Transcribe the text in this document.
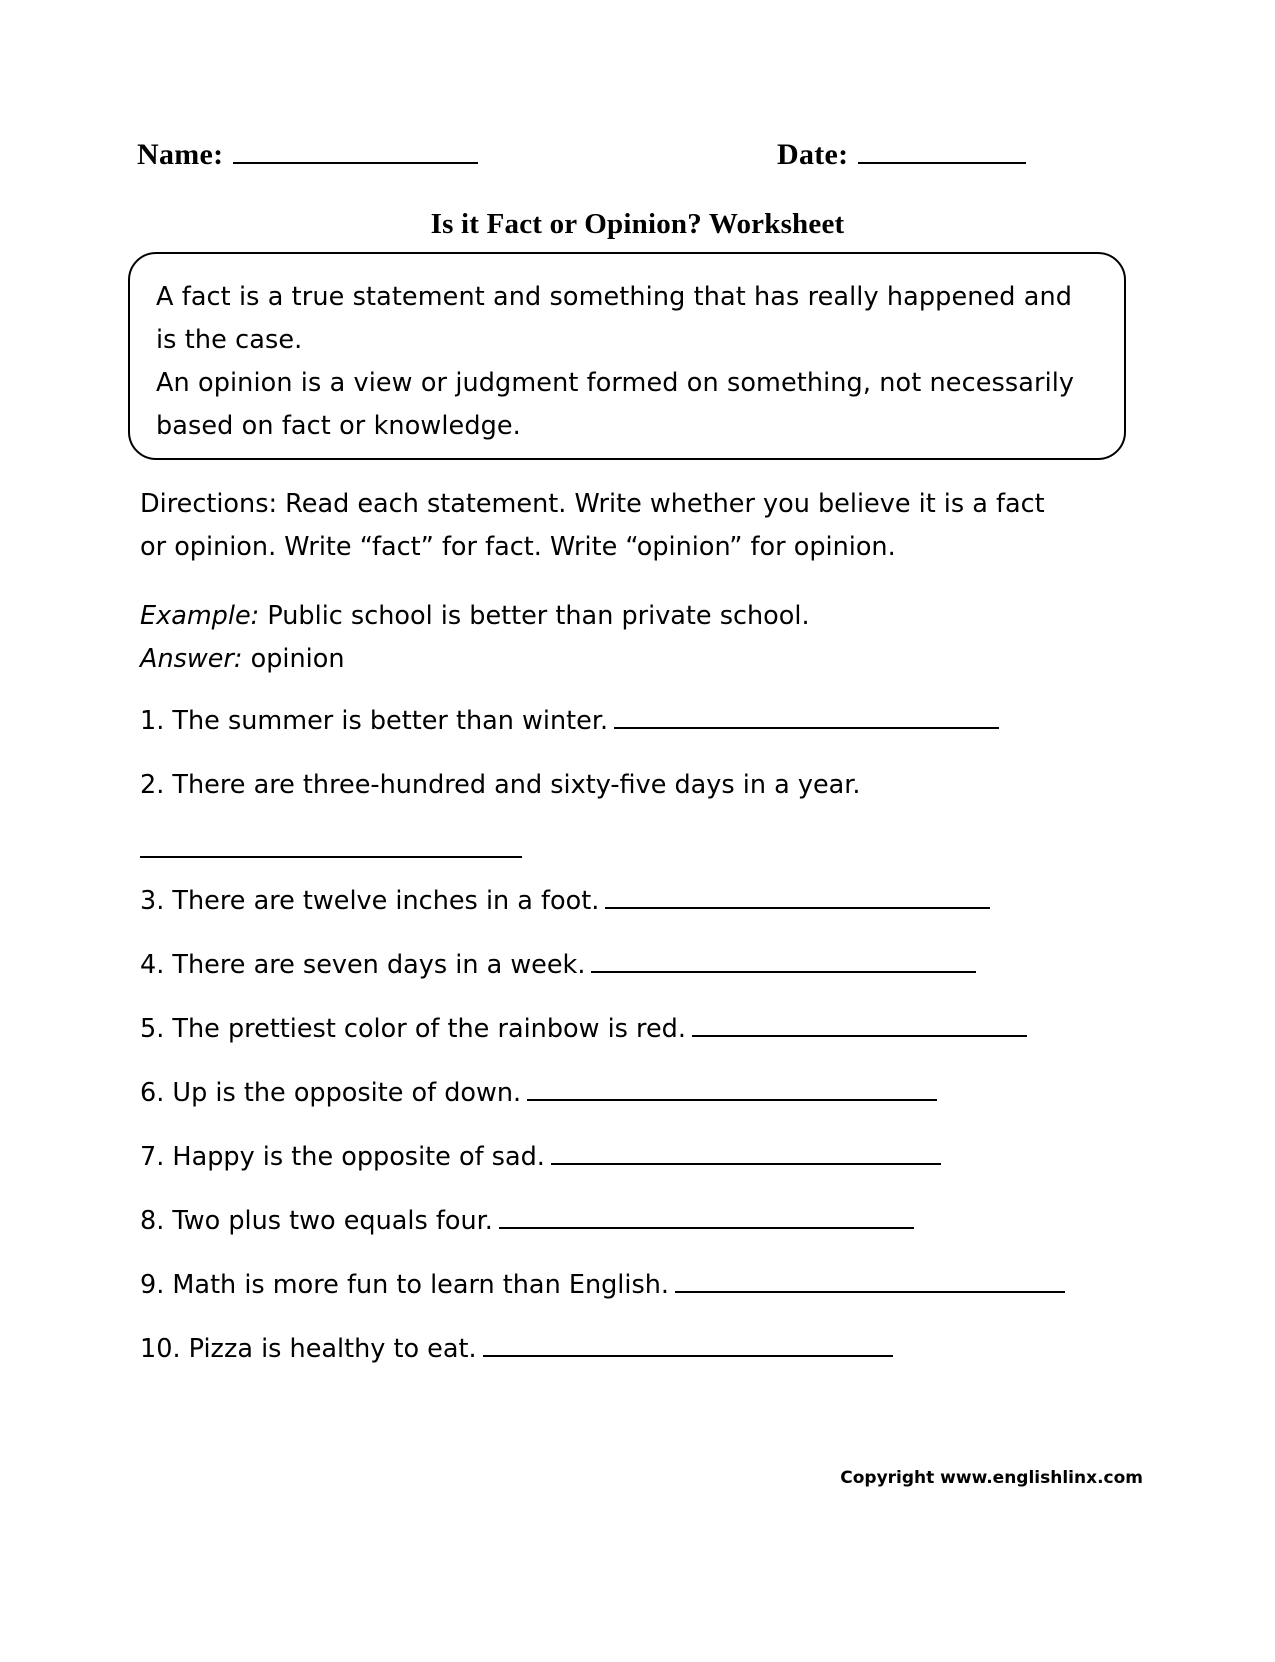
Name:	Date:
Is it Fact or Opinion? Worksheet
A fact is a true statement and something that has really happened and is the case.
An opinion is a view or judgment formed on something, not necessarily based on fact or knowledge.
Directions: Read each statement. Write whether you believe it is a fact or opinion. Write “fact” for fact. Write “opinion” for opinion.
Example: Public school is better than private school.
Answer: opinion
1. The summer is better than winter.
2. There are three-hundred and sixty-five days in a year.
3. There are twelve inches in a foot.
4. There are seven days in a week.
5. The prettiest color of the rainbow is red.
6. Up is the opposite of down.
7. Happy is the opposite of sad.
8. Two plus two equals four.
9. Math is more fun to learn than English.
10. Pizza is healthy to eat.
Copyright www.englishlinx.com
